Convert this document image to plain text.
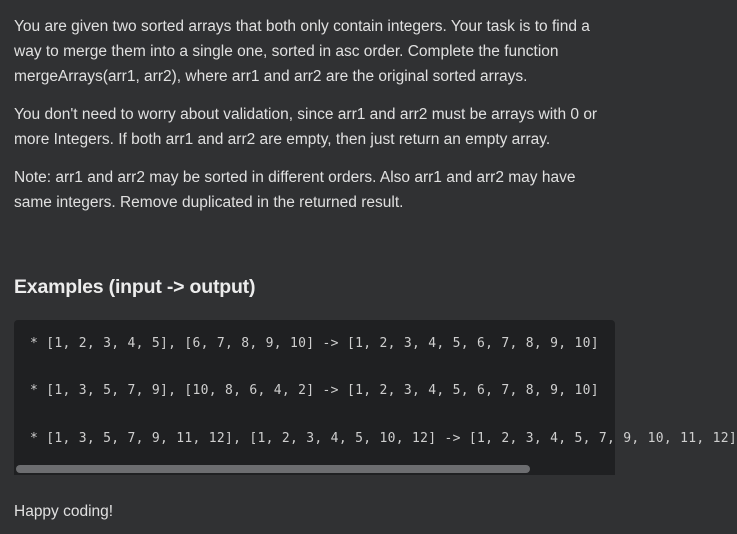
You are given two sorted arrays that both only contain integers. Your task is to find a way to merge them into a single one, sorted in asc order. Complete the function mergeArrays(arr1, arr2), where arr1 and arr2 are the original sorted arrays.

You don't need to worry about validation, since arr1 and arr2 must be arrays with 0 or more Integers. If both arr1 and arr2 are empty, then just return an empty array.

Note: arr1 and arr2 may be sorted in different orders. Also arr1 and arr2 may have same integers. Remove duplicated in the returned result.

Examples (input -> output)
* [1, 2, 3, 4, 5], [6, 7, 8, 9, 10] -> [1, 2, 3, 4, 5, 6, 7, 8, 9, 10]
* [1, 3, 5, 7, 9], [10, 8, 6, 4, 2] -> [1, 2, 3, 4, 5, 6, 7, 8, 9, 10]
* [1, 3, 5, 7, 9, 11, 12], [1, 2, 3, 4, 5, 10, 12] -> [1, 2, 3, 4, 5, 7, 9, 10, 11, 12]
Happy coding!
